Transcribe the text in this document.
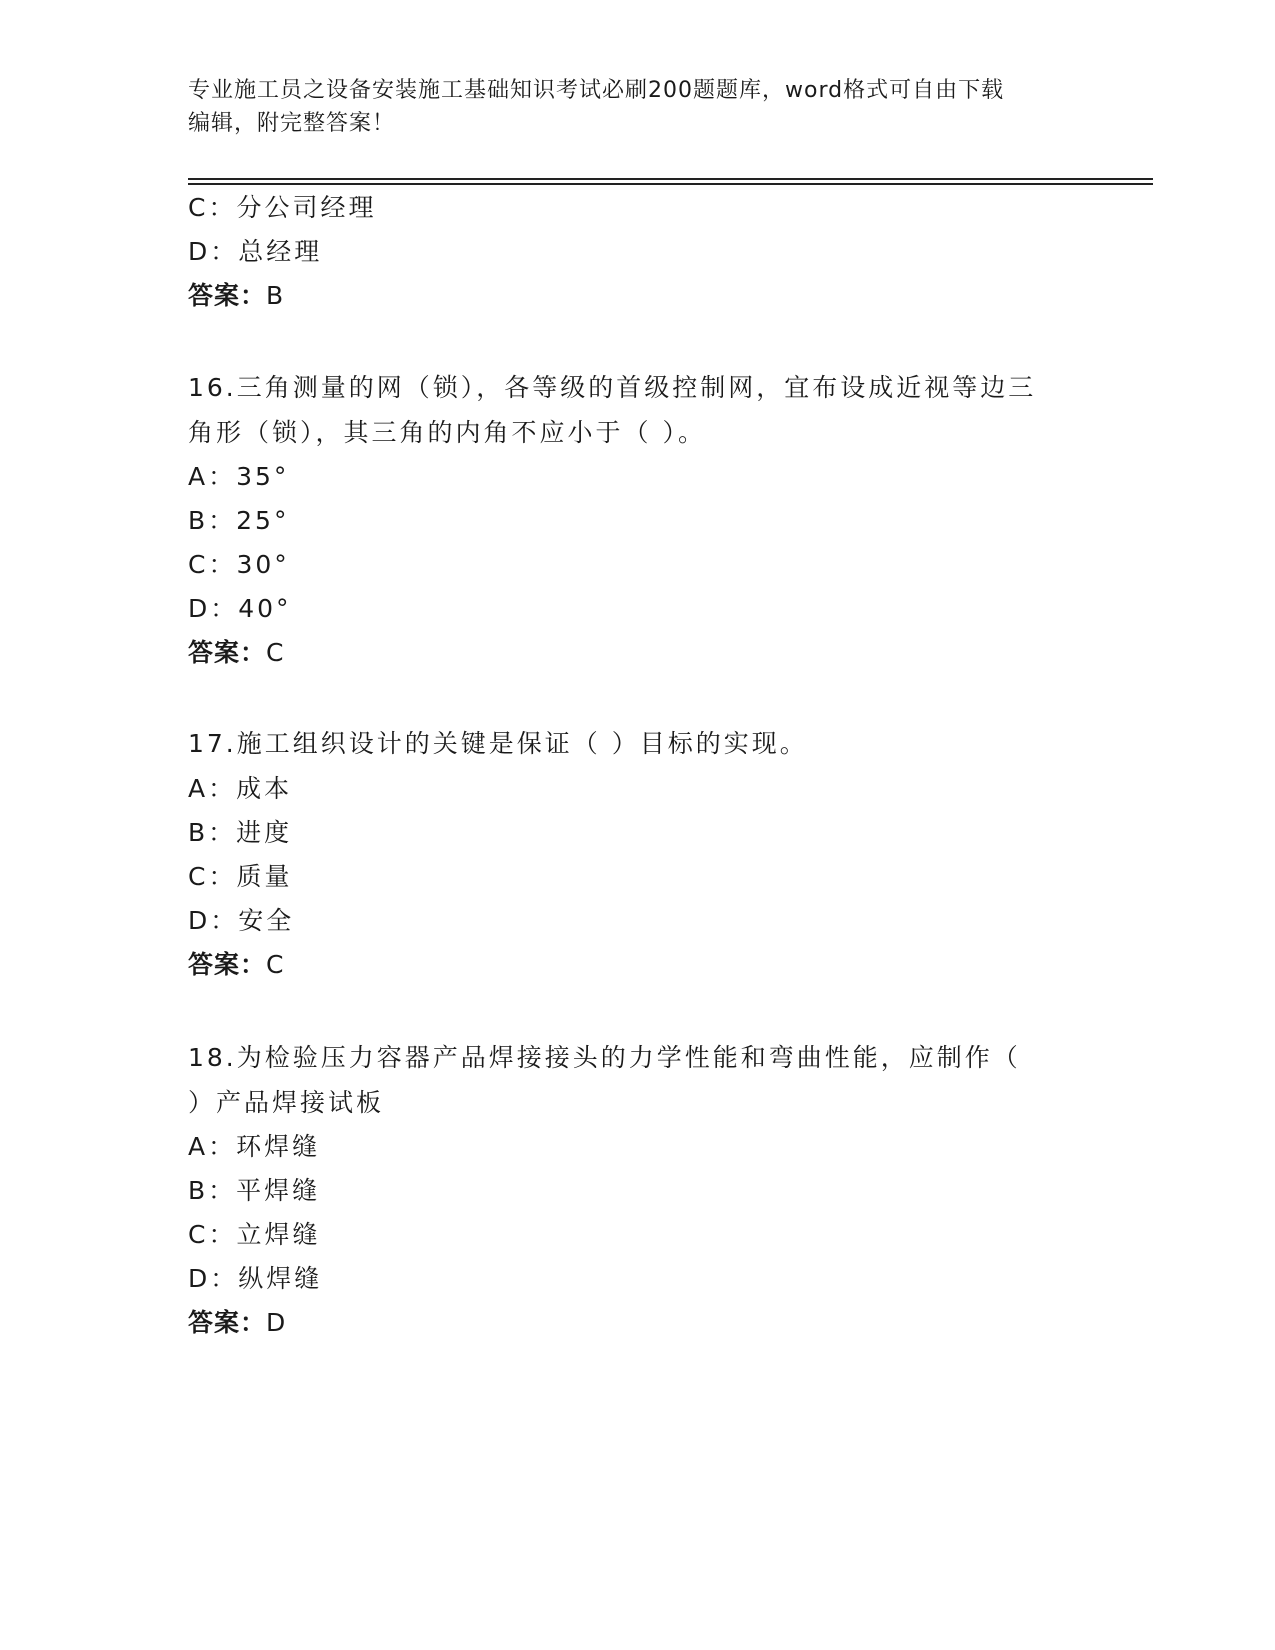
专业施工员之设备安装施工基础知识考试必刷200题题库，word格式可自由下载
编辑，附完整答案！
C：分公司经理
D：总经理
答案：B
16.三角测量的网（锁），各等级的首级控制网，宜布设成近视等边三
角形（锁），其三角的内角不应小于（ ）。
A：35°
B：25°
C：30°
D：40°
答案：C
17.施工组织设计的关键是保证（ ）目标的实现。
A：成本
B：进度
C：质量
D：安全
答案：C
18.为检验压力容器产品焊接接头的力学性能和弯曲性能，应制作（
）产品焊接试板
A：环焊缝
B：平焊缝
C：立焊缝
D：纵焊缝
答案：D
